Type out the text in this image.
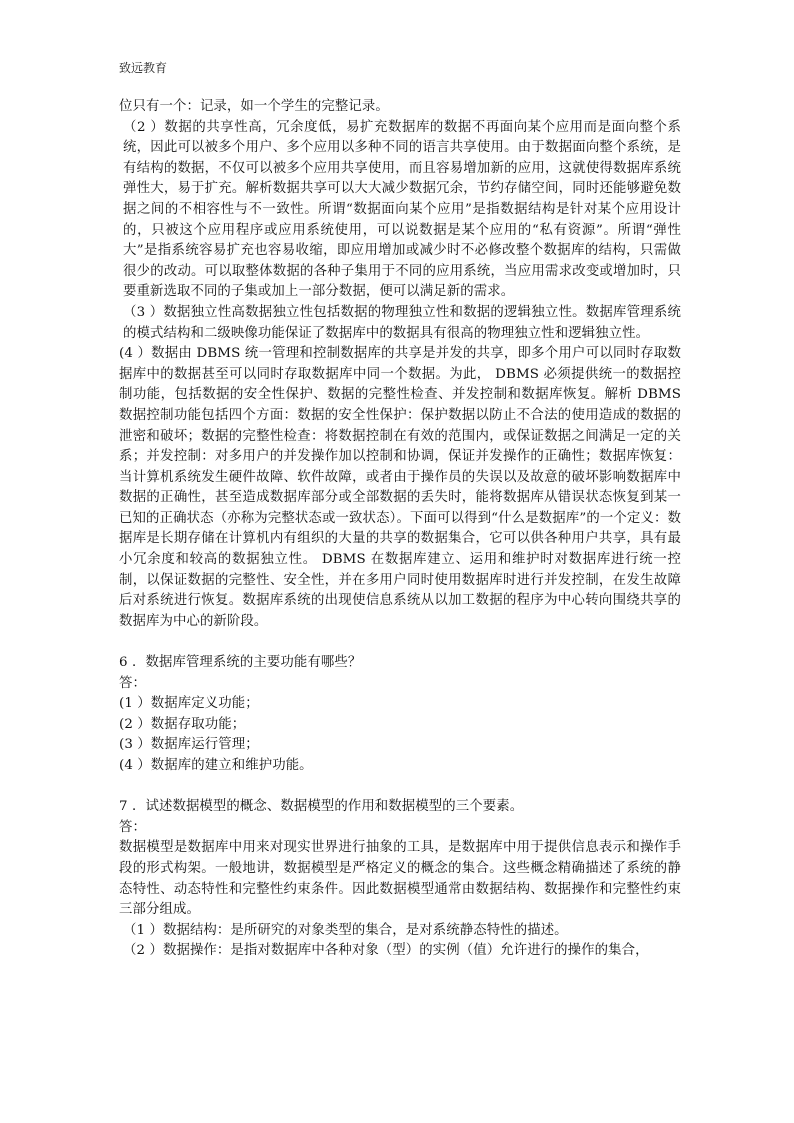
致远教育

位只有一个：记录，如一个学生的完整记录。

（2 ）数据的共享性高，冗余度低，易扩充数据库的数据不再面向某个应用而是面向整个系统，因此可以被多个用户、多个应用以多种不同的语言共享使用。由于数据面向整个系统，是有结构的数据，不仅可以被多个应用共享使用，而且容易增加新的应用，这就使得数据库系统弹性大，易于扩充。解析数据共享可以大大减少数据冗余，节约存储空间，同时还能够避免数据之间的不相容性与不一致性。所谓“数据面向某个应用”是指数据结构是针对某个应用设计的，只被这个应用程序或应用系统使用，可以说数据是某个应用的“私有资源”。所谓“弹性大”是指系统容易扩充也容易收缩，即应用增加或减少时不必修改整个数据库的结构，只需做很少的改动。可以取整体数据的各种子集用于不同的应用系统，当应用需求改变或增加时，只要重新选取不同的子集或加上一部分数据，便可以满足新的需求。

（3 ）数据独立性高数据独立性包括数据的物理独立性和数据的逻辑独立性。数据库管理系统的模式结构和二级映像功能保证了数据库中的数据具有很高的物理独立性和逻辑独立性。

(4 ）数据由 DBMS 统一管理和控制数据库的共享是并发的共享，即多个用户可以同时存取数据库中的数据甚至可以同时存取数据库中同一个数据。为此， DBMS 必须提供统一的数据控制功能，包括数据的安全性保护、数据的完整性检查、并发控制和数据库恢复。解析 DBMS 数据控制功能包括四个方面：数据的安全性保护：保护数据以防止不合法的使用造成的数据的泄密和破坏；数据的完整性检查：将数据控制在有效的范围内，或保证数据之间满足一定的关系；并发控制：对多用户的并发操作加以控制和协调，保证并发操作的正确性；数据库恢复：当计算机系统发生硬件故障、软件故障，或者由于操作员的失误以及故意的破坏影响数据库中数据的正确性，甚至造成数据库部分或全部数据的丢失时，能将数据库从错误状态恢复到某一已知的正确状态（亦称为完整状态或一致状态）。下面可以得到“什么是数据库”的一个定义：数据库是长期存储在计算机内有组织的大量的共享的数据集合，它可以供各种用户共享，具有最小冗余度和较高的数据独立性。 DBMS 在数据库建立、运用和维护时对数据库进行统一控制，以保证数据的完整性、安全性，并在多用户同时使用数据库时进行并发控制，在发生故障后对系统进行恢复。数据库系统的出现使信息系统从以加工数据的程序为中心转向围绕共享的数据库为中心的新阶段。

6 ．数据库管理系统的主要功能有哪些？

答：

(1 ）数据库定义功能；

(2 ）数据存取功能；

(3 ）数据库运行管理；

(4 ）数据库的建立和维护功能。

7 ．试述数据模型的概念、数据模型的作用和数据模型的三个要素。

答：

数据模型是数据库中用来对现实世界进行抽象的工具，是数据库中用于提供信息表示和操作手段的形式构架。一般地讲，数据模型是严格定义的概念的集合。这些概念精确描述了系统的静态特性、动态特性和完整性约束条件。因此数据模型通常由数据结构、数据操作和完整性约束三部分组成。

（1 ）数据结构：是所研究的对象类型的集合，是对系统静态特性的描述。

（2 ）数据操作：是指对数据库中各种对象（型）的实例（值）允许进行的操作的集合，
